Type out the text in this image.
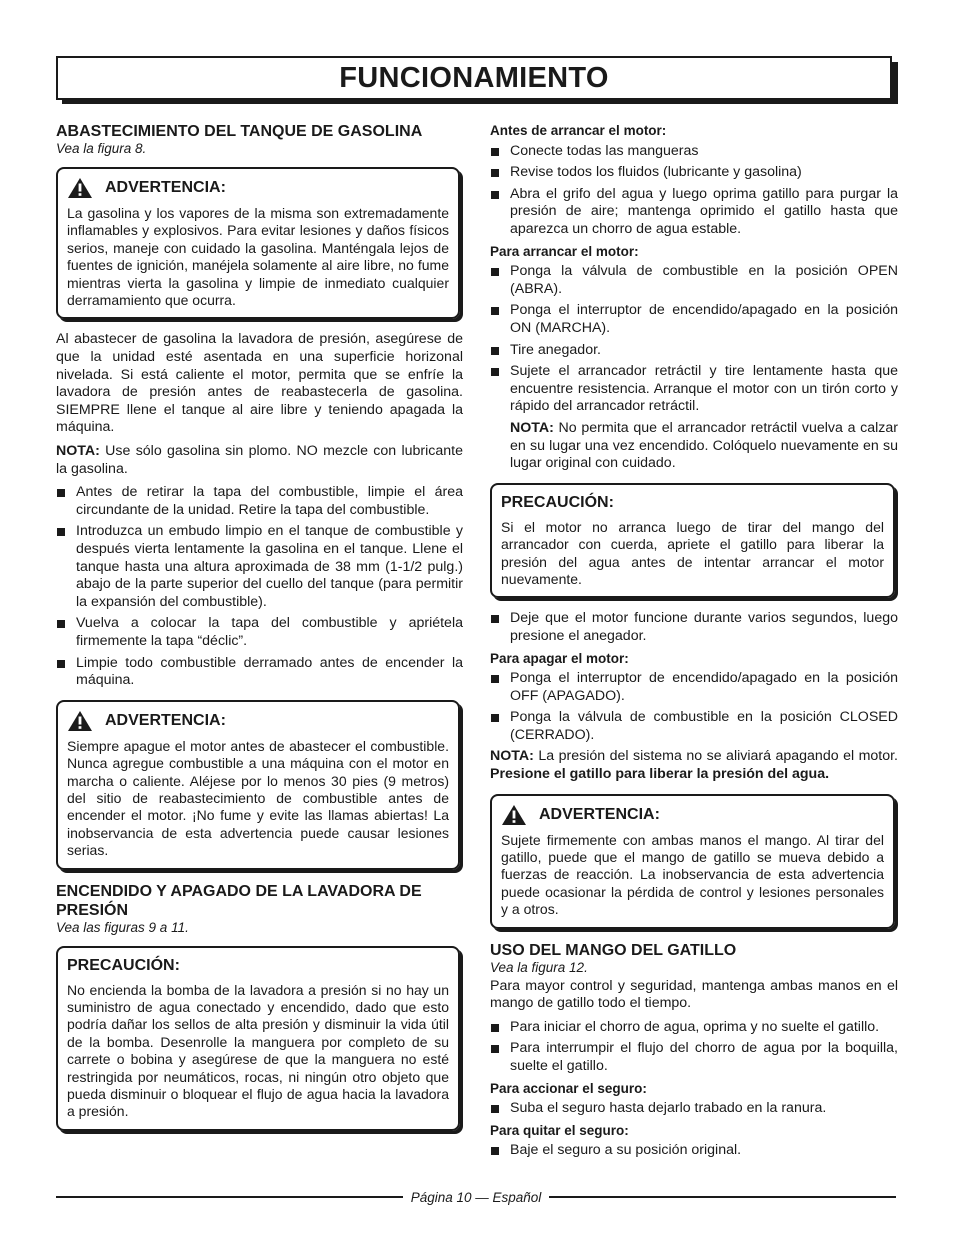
FUNCIONAMIENTO
ABASTECIMIENTO DEL TANQUE DE GASOLINA
Vea la figura 8.
ADVERTENCIA:

La gasolina y los vapores de la misma son extremadamente inflamables y explosivos. Para evitar lesiones y daños físicos serios, maneje con cuidado la gasolina. Manténgala lejos de fuentes de ignición, manéjela solamente al aire libre, no fume mientras vierta la gasolina y limpie de inmediato cualquier derramamiento que ocurra.

Al abastecer de gasolina la lavadora de presión, asegúrese de que la unidad esté asentada en una superficie horizonal nivelada. Si está caliente el motor, permita que se enfríe la lavadora de presión antes de reabastecerla de gasolina. SIEMPRE llene el tanque al aire libre y teniendo apagada la máquina.

NOTA: Use sólo gasolina sin plomo. NO mezcle con lubricante la gasolina.

Antes de retirar la tapa del combustible, limpie el área circundante de la unidad. Retire la tapa del combustible.
Introduzca un embudo limpio en el tanque de combustible y después vierta lentamente la gasolina en el tanque. Llene el tanque hasta una altura aproximada de 38 mm (1-1/2 pulg.) abajo de la parte superior del cuello del tanque (para permitir la expansión del combustible).
Vuelva a colocar la tapa del combustible y apriétela firmemente la tapa “déclic”.
Limpie todo combustible derramado antes de encender la máquina.
ADVERTENCIA:

Siempre apague el motor antes de abastecer el combustible. Nunca agregue combustible a una máquina con el motor en marcha o caliente. Aléjese por lo menos 30 pies (9 metros) del sitio de reabastecimiento de combustible antes de encender el motor. ¡No fume y evite las llamas abiertas! La inobservancia de esta advertencia puede causar lesiones serias.

ENCENDIDO Y APAGADO DE LA LAVADORA DE PRESIÓN
Vea las figuras 9 a 11.
PRECAUCIÓN:

No encienda la bomba de la lavadora a presión si no hay un suministro de agua conectado y encendido, dado que esto podría dañar los sellos de alta presión y disminuir la vida útil de la bomba. Desenrolle la manguera por completo de su carrete o bobina y asegúrese de que la manguera no esté restringida por neumáticos, rocas, ni ningún otro objeto que pueda disminuir o bloquear el flujo de agua hacia la lavadora a presión.

Antes de arrancar el motor:
Conecte todas las mangueras
Revise todos los fluidos (lubricante y gasolina)
Abra el grifo del agua y luego oprima gatillo para purgar la presión de aire; mantenga oprimido el gatillo hasta que aparezca un chorro de agua estable.
Para arrancar el motor:
Ponga la válvula de combustible en la posición OPEN (ABRA).
Ponga el interruptor de encendido/apagado en la posición ON (MARCHA).
Tire anegador.
Sujete el arrancador retráctil y tire lentamente hasta que encuentre resistencia. Arranque el motor con un tirón corto y rápido del arrancador retráctil.

NOTA: No permita que el arrancador retráctil vuelva a calzar en su lugar una vez encendido. Colóquelo nuevamente en su lugar original con cuidado.

PRECAUCIÓN:

Si el motor no arranca luego de tirar del mango del arrancador con cuerda, apriete el gatillo para liberar la presión del agua antes de intentar arrancar el motor nuevamente.

Deje que el motor funcione durante varios segundos, luego presione el anegador.
Para apagar el motor:
Ponga el interruptor de encendido/apagado en la posición OFF (APAGADO).
Ponga la válvula de combustible en la posición CLOSED (CERRADO).

NOTA: La presión del sistema no se aliviará apagando el motor. Presione el gatillo para liberar la presión del agua.

ADVERTENCIA:

Sujete firmemente con ambas manos el mango. Al tirar del gatillo, puede que el mango de gatillo se mueva debido a fuerzas de reacción. La inobservancia de esta advertencia puede ocasionar la pérdida de control y lesiones personales y a otros.

USO DEL MANGO DEL GATILLO
Vea la figura 12.

Para mayor control y seguridad, mantenga ambas manos en el mango de gatillo todo el tiempo.

Para iniciar el chorro de agua, oprima y no suelte el gatillo.
Para interrumpir el flujo del chorro de agua por la boquilla, suelte el gatillo.
Para accionar el seguro:
Suba el seguro hasta dejarlo trabado en la ranura.
Para quitar el seguro:
Baje el seguro a su posición original.
Página 10 — Español
